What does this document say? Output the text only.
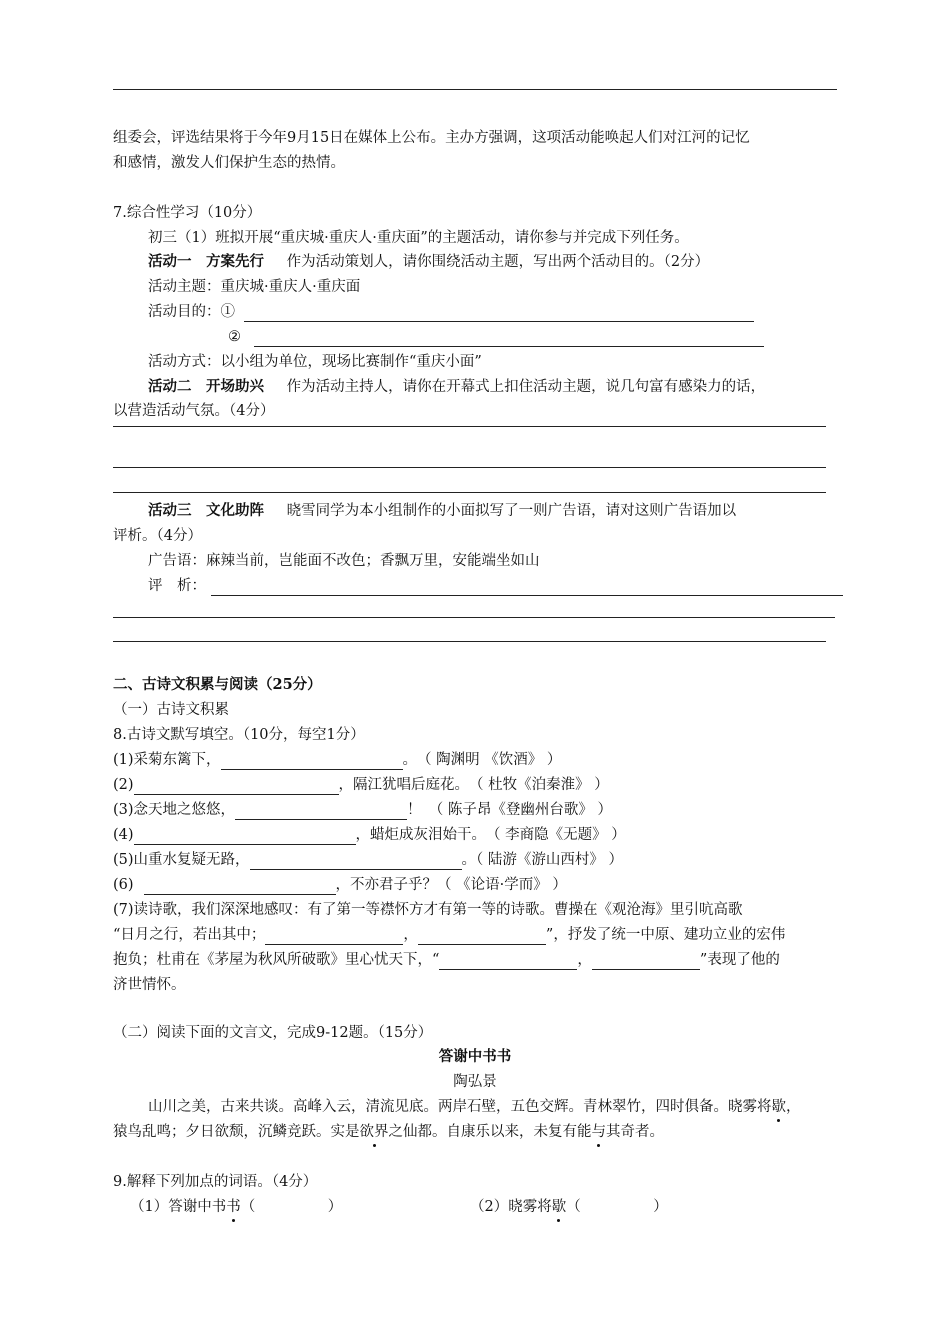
组委会，评选结果将于今年9月15日在媒体上公布。主办方强调，这项活动能唤起人们对江河的记忆
和感情，激发人们保护生态的热情。
7.综合性学习（10分）
初三（1）班拟开展“重庆城·重庆人·重庆面”的主题活动，请你参与并完成下列任务。
活动一　方案先行 作为活动策划人，请你围绕活动主题，写出两个活动目的。（2分）
活动主题：重庆城·重庆人·重庆面
活动目的：①
②
活动方式：以小组为单位，现场比赛制作“重庆小面”
活动二　开场助兴 作为活动主持人，请你在开幕式上扣住活动主题，说几句富有感染力的话，
以营造活动气氛。（4分）
活动三　文化助阵 晓雪同学为本小组制作的小面拟写了一则广告语，请对这则广告语加以
评析。（4分）
广告语：麻辣当前，岂能面不改色；香飘万里，安能端坐如山
评　析：
二、古诗文积累与阅读（25分）
（一）古诗文积累
8.古诗文默写填空。（10分，每空1分）
(1)采菊东篱下，	。　（ 陶渊明 《饮酒》 ）
(2)	，隔江犹唱后庭花。　（ 杜牧《泊秦淮》 ）
(3)念天地之悠悠，	！　（ 陈子昂《登幽州台歌》 ）
(4)	，蜡炬成灰泪始干。　（ 李商隐《无题》 ）
(5)山重水复疑无路，	。（ 陆游《游山西村》 ）
(6)	，不亦君子乎？（ 《论语·学而》 ）
(7)读诗歌，我们深深地感叹：有了第一等襟怀方才有第一等的诗歌。曹操在《观沧海》里引吭高歌
“日月之行，若出其中；	，	”，抒发了统一中原、建功立业的宏伟
抱负；杜甫在《茅屋为秋风所破歌》里心忧天下，“	，	”表现了他的
济世情怀。
（二）阅读下面的文言文，完成9-12题。（15分）
答谢中书书
陶弘景
山川之美，古来共谈。高峰入云，清流见底。两岸石壁，五色交辉。青林翠竹，四时俱备。晓雾将歇，
猿鸟乱鸣；夕日欲颓，沉鳞竞跃。实是欲界之仙都。自康乐以来，未复有能与其奇者。
9.解释下列加点的词语。（4分）
（1）答谢中书书（　　　　　）	（2）晓雾将歇（　　　　　）
